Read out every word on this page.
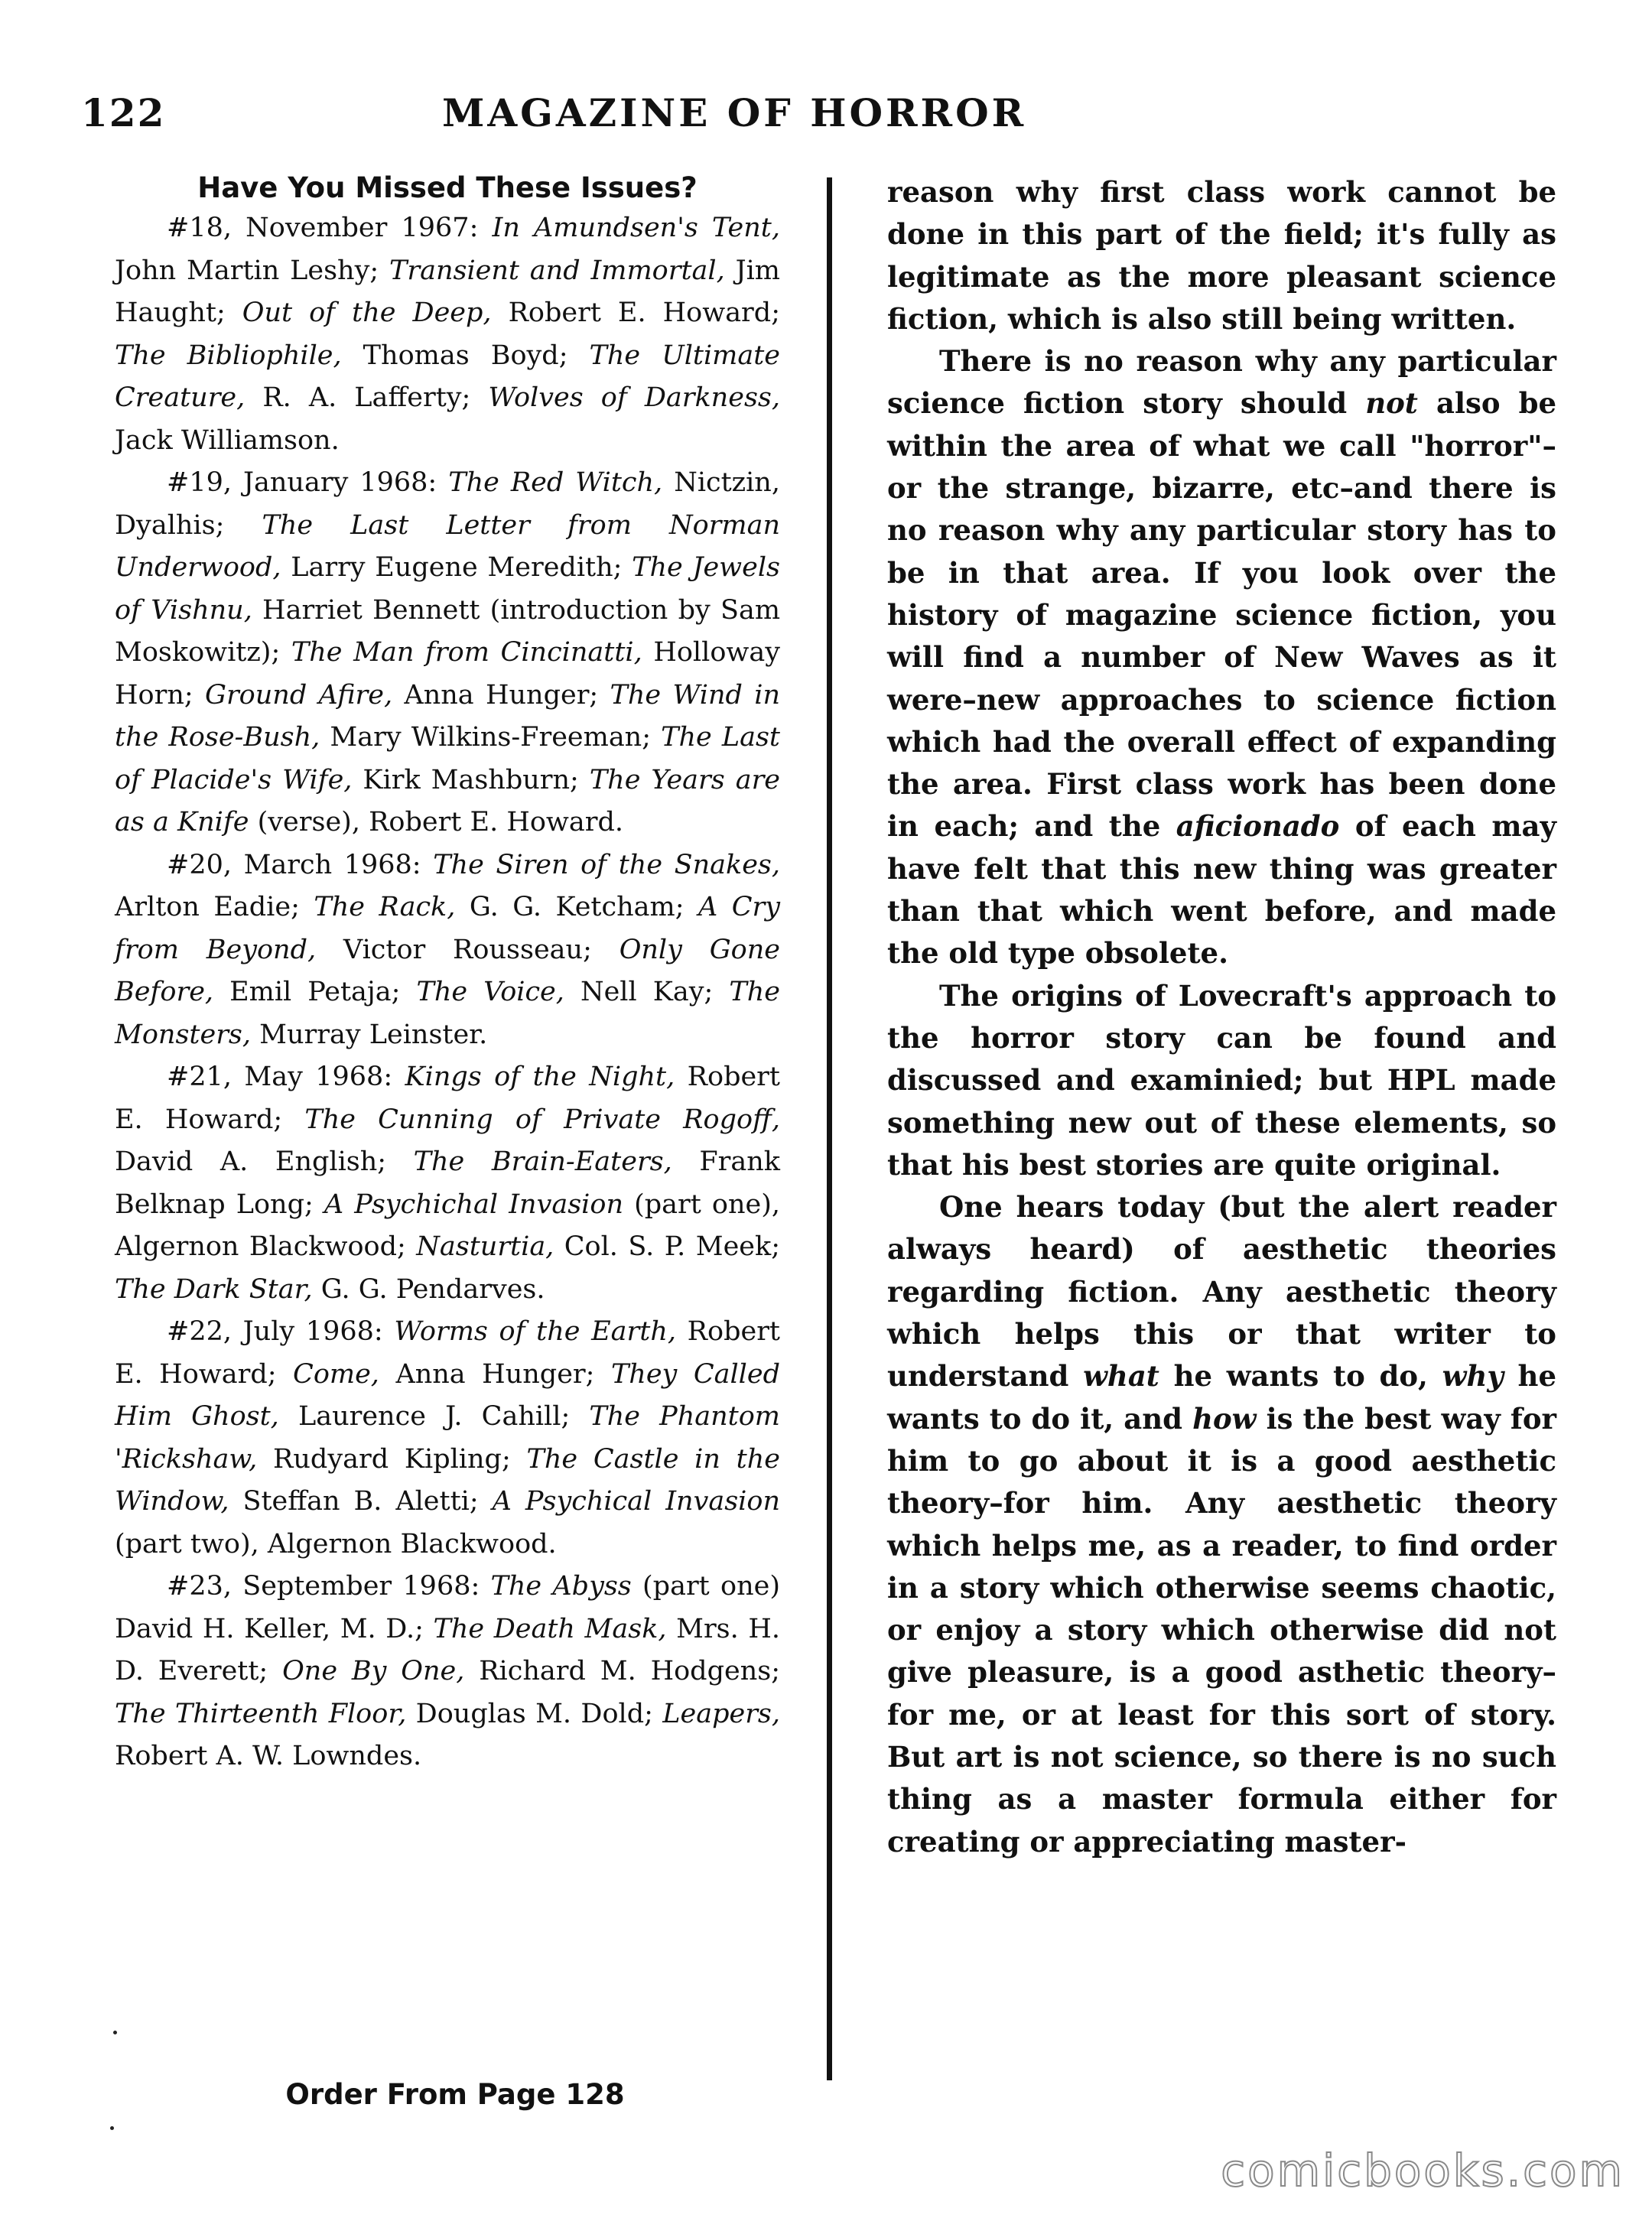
122	MAGAZINE OF HORROR
Have You Missed These Issues?

#18, November 1967: In Amundsen's Tent, John Martin Leshy; Transient and Immortal, Jim Haught; Out of the Deep, Robert E. Howard; The Bibliophile, Thomas Boyd; The Ultimate Creature, R. A. Lafferty; Wolves of Darkness, Jack Williamson.

#19, January 1968: The Red Witch, Nictzin, Dyalhis; The Last Letter from Norman Underwood, Larry Eugene Meredith; The Jewels of Vishnu, Harriet Bennett (introduction by Sam Moskowitz); The Man from Cincinatti, Holloway Horn; Ground Afire, Anna Hunger; The Wind in the Rose-Bush, Mary Wilkins-Freeman; The Last of Placide's Wife, Kirk Mashburn; The Years are as a Knife (verse), Robert E. Howard.

#20, March 1968: The Siren of the Snakes, Arlton Eadie; The Rack, G. G. Ketcham; A Cry from Beyond, Victor Rousseau; Only Gone Before, Emil Petaja; The Voice, Nell Kay; The Monsters, Murray Leinster.

#21, May 1968: Kings of the Night, Robert E. Howard; The Cunning of Private Rogoff, David A. English; The Brain-Eaters, Frank Belknap Long; A Psychichal Invasion (part one), Algernon Blackwood; Nasturtia, Col. S. P. Meek; The Dark Star, G. G. Pendarves.

#22, July 1968: Worms of the Earth, Robert E. Howard; Come, Anna Hunger; They Called Him Ghost, Laurence J. Cahill; The Phantom 'Rickshaw, Rudyard Kipling; The Castle in the Window, Steffan B. Aletti; A Psychical Invasion (part two), Algernon Blackwood.

#23, September 1968: The Abyss (part one) David H. Keller, M. D.; The Death Mask, Mrs. H. D. Everett; One By One, Richard M. Hodgens; The Thirteenth Floor, Douglas M. Dold; Leapers, Robert A. W. Lowndes.

Order From Page 128

reason why first class work cannot be done in this part of the field; it's fully as legitimate as the more pleasant science fiction, which is also still being written.

There is no reason why any particular science fiction story should not also be within the area of what we call "horror"–or the strange, bizarre, etc–and there is no reason why any particular story has to be in that area. If you look over the history of magazine science fiction, you will find a number of New Waves as it were–new approaches to science fiction which had the overall effect of expanding the area. First class work has been done in each; and the aficionado of each may have felt that this new thing was greater than that which went before, and made the old type obsolete.

The origins of Lovecraft's approach to the horror story can be found and discussed and examinied; but HPL made something new out of these elements, so that his best stories are quite original.

One hears today (but the alert reader always heard) of aesthetic theories regarding fiction. Any aesthetic theory which helps this or that writer to understand what he wants to do, why he wants to do it, and how is the best way for him to go about it is a good aesthetic theory–for him. Any aesthetic theory which helps me, as a reader, to find order in a story which otherwise seems chaotic, or enjoy a story which otherwise did not give pleasure, is a good asthetic theory–for me, or at least for this sort of story. But art is not science, so there is no such thing as a master formula either for creating or appreciating master-

comicbooks.com
